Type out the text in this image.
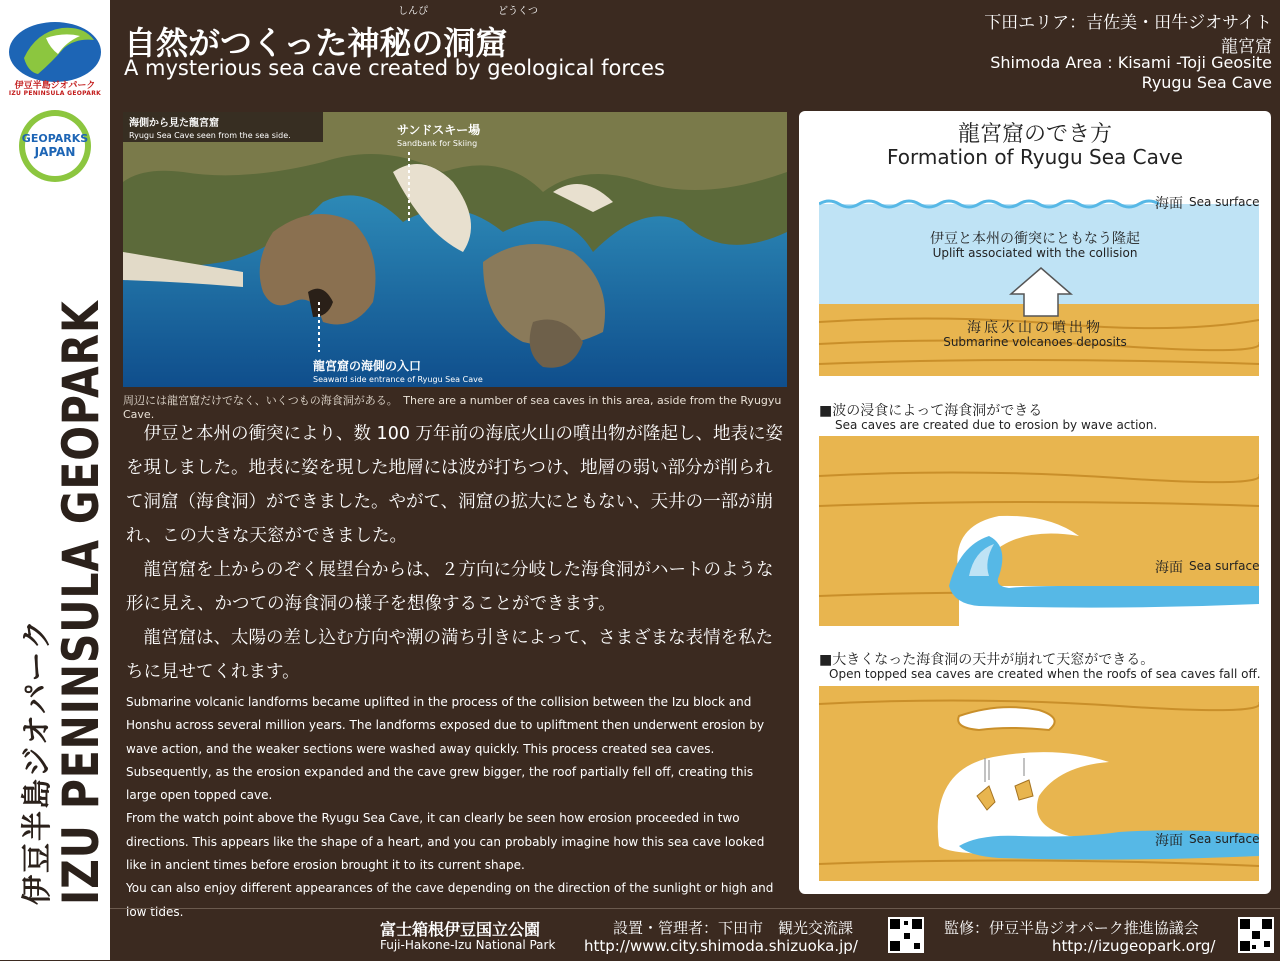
伊豆半島ジオパーク
IZU PENINSULA GEOPARK
GEOPARKS
JAPAN
伊豆半島ジオパーク
IZU PENINSULA GEOPARK
しんぴ	どうくつ
自然がつくった神秘の洞窟
A mysterious sea cave created by geological forces
下田エリア：吉佐美・田牛ジオサイト
龍宮窟
Shimoda Area : Kisami -Toji Geosite
Ryugu Sea Cave
海側から見た龍宮窟
Ryugu Sea Cave seen from the sea side.	サンドスキー場
Sandbank for Skiing
龍宮窟の海側の入口
Seaward side entrance of Ryugu Sea Cave
周辺には龍宮窟だけでなく、いくつもの海食洞がある。　There are a number of sea caves in this area, aside from the Ryugyu Cave.

伊豆と本州の衝突により、数 100 万年前の海底火山の噴出物が隆起し、地表に姿を現しました。地表に姿を現した地層には波が打ちつけ、地層の弱い部分が削られて洞窟（海食洞）ができました。やがて、洞窟の拡大にともない、天井の一部が崩れ、この大きな天窓ができました。

龍宮窟を上からのぞく展望台からは、２方向に分岐した海食洞がハートのような形に見え、かつての海食洞の様子を想像することができます。

龍宮窟は、太陽の差し込む方向や潮の満ち引きによって、さまざまな表情を私たちに見せてくれます。

Submarine volcanic landforms became uplifted in the process of the collision between the Izu block and Honshu across several million years. The landforms exposed due to upliftment then underwent erosion by wave action, and the weaker sections were washed away quickly. This process created sea caves. Subsequently, as the erosion expanded and the cave grew bigger, the roof partially fell off, creating this large open topped cave.

From the watch point above the Ryugu Sea Cave, it can clearly be seen how erosion proceeded in two directions. This appears like the shape of a heart, and you can probably imagine how this sea cave looked like in ancient times before erosion brought it to its current shape.

You can also enjoy different appearances of the cave depending on the direction of the sunlight or high and low tides.

龍宮窟のでき方
Formation of Ryugu Sea Cave
海面 Sea surface
伊豆と本州の衝突にともなう隆起
Uplift associated with the collision
海底火山の噴出物
Submarine volcanoes deposits
■波の浸食によって海食洞ができる
Sea caves are created due to erosion by wave action.
海面 Sea surface
■大きくなった海食洞の天井が崩れて天窓ができる。
Open topped sea caves are created when the roofs of sea caves fall off.
海面 Sea surface
富士箱根伊豆国立公園
Fuji-Hakone-Izu National Park
設置・管理者：下田市　観光交流課
http://www.city.shimoda.shizuoka.jp/
監修：伊豆半島ジオパーク推進協議会
http://izugeopark.org/
